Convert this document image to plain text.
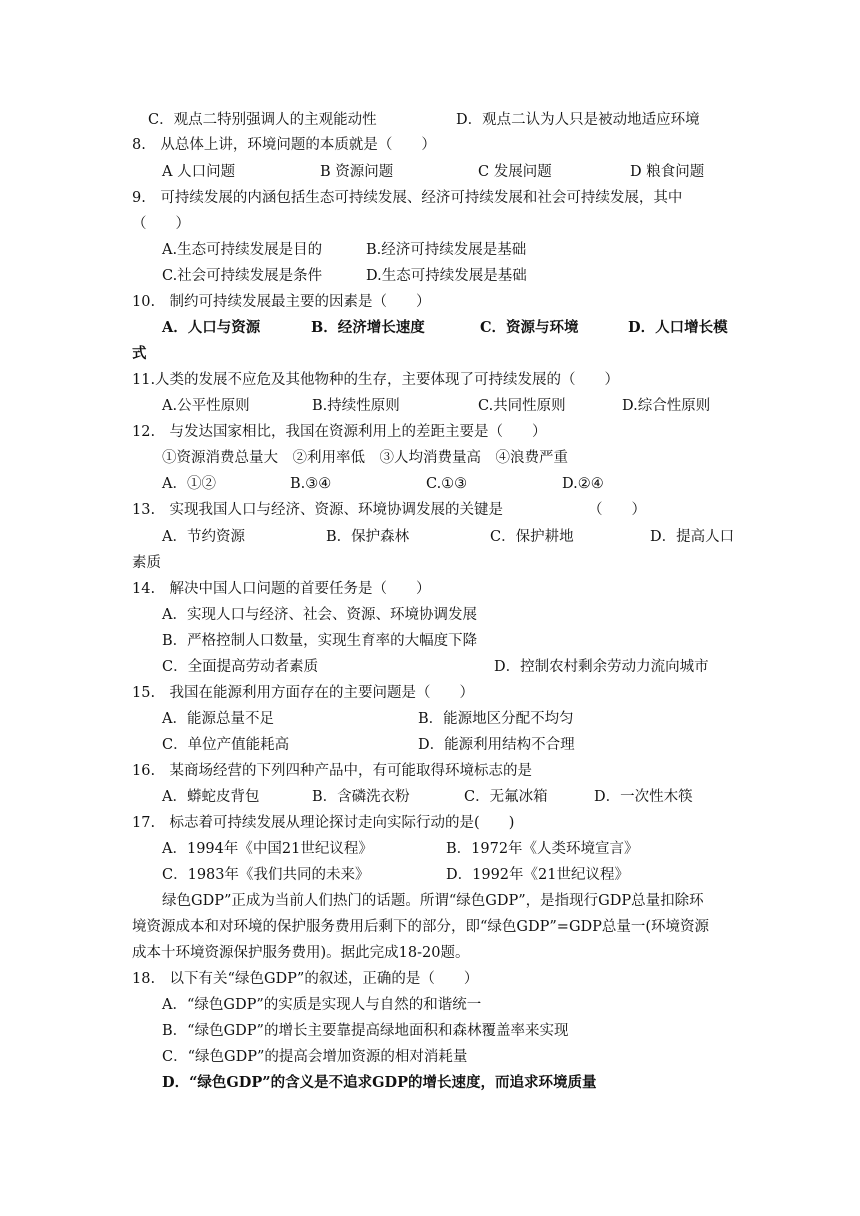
C．观点二特别强调人的主观能动性	D．观点二认为人只是被动地适应环境
8.　从总体上讲，环境问题的本质就是（　　）
A 人口问题	B 资源问题	C 发展问题	D 粮食问题
9.　可持续发展的内涵包括生态可持续发展、经济可持续发展和社会可持续发展，其中
（　　）
A.生态可持续发展是目的	B.经济可持续发展是基础
C.社会可持续发展是条件	D.生态可持续发展是基础
10.　制约可持续发展最主要的因素是（　　）
A．人口与资源	B．经济增长速度	C．资源与环境	D．人口增长模
式
11.人类的发展不应危及其他物种的生存，主要体现了可持续发展的（　　）
A.公平性原则	B.持续性原则	C.共同性原则	D.综合性原则
12.　与发达国家相比，我国在资源利用上的差距主要是（　　）
①资源消费总量大　②利用率低　③人均消费量高　④浪费严重
A．①②	B.③④	C.①③	D.②④
13.　实现我国人口与经济、资源、环境协调发展的关键是	（　　）
A．节约资源	B．保护森林	C．保护耕地	D．提高人口
素质
14.　解决中国人口问题的首要任务是（　　）
A．实现人口与经济、社会、资源、环境协调发展
B．严格控制人口数量，实现生育率的大幅度下降
C．全面提高劳动者素质	D．控制农村剩余劳动力流向城市
15.　我国在能源利用方面存在的主要问题是（　　）
A．能源总量不足	B．能源地区分配不均匀
C．单位产值能耗高	D．能源利用结构不合理
16.　某商场经营的下列四种产品中，有可能取得环境标志的是
A．蟒蛇皮背包	B．含磷洗衣粉	C．无氟冰箱	D．一次性木筷
17.　标志着可持续发展从理论探讨走向实际行动的是(　　)
A．1994年《中国21世纪议程》	B．1972年《人类环境宣言》
C．1983年《我们共同的未来》	D．1992年《21世纪议程》
绿色GDP”正成为当前人们热门的话题。所谓“绿色GDP”，是指现行GDP总量扣除环
境资源成本和对环境的保护服务费用后剩下的部分，即“绿色GDP”=GDP总量一(环境资源
成本十环境资源保护服务费用)。据此完成18-20题。
18.　以下有关“绿色GDP”的叙述，正确的是（　　）
A．“绿色GDP”的实质是实现人与自然的和谐统一
B．“绿色GDP”的增长主要靠提高绿地面积和森林覆盖率来实现
C．“绿色GDP”的提高会增加资源的相对消耗量
D．“绿色GDP”的含义是不追求GDP的增长速度，而追求环境质量
